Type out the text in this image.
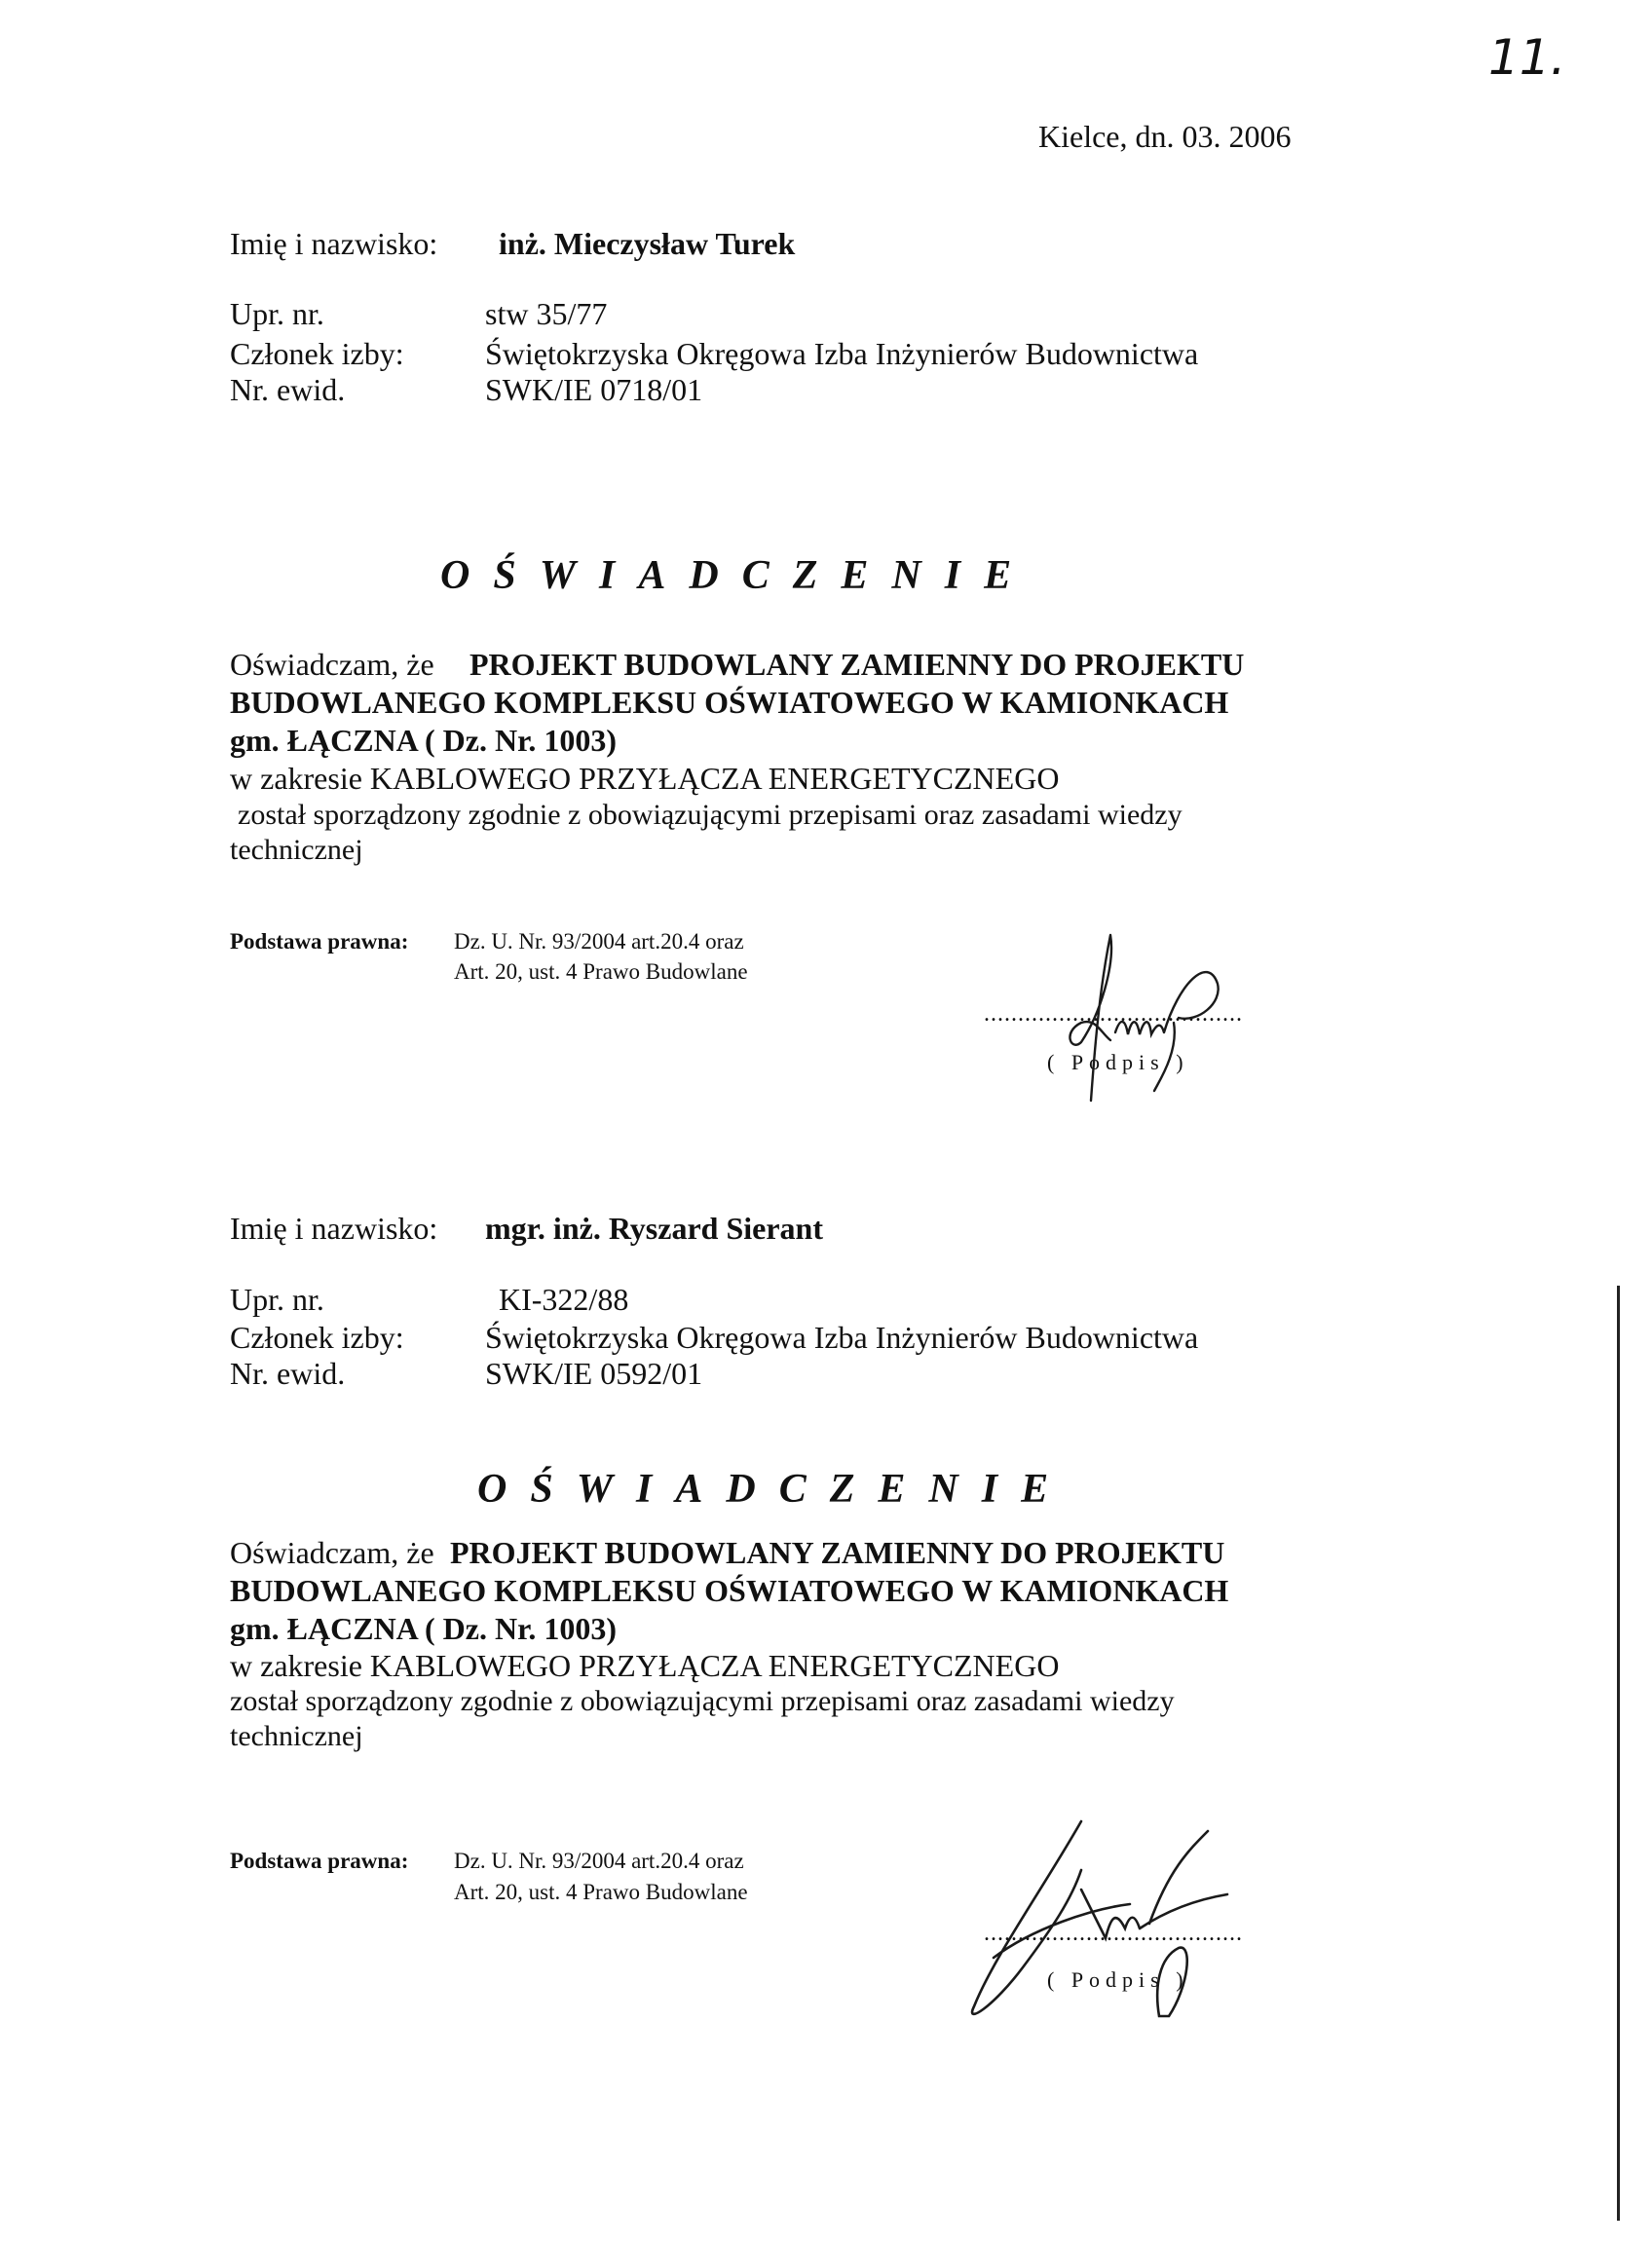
11.
Kielce, dn. 03. 2006
Imię i nazwisko: inż. Mieczysław Turek
Upr. nr.	stw 35/77
Członek izby:	Świętokrzyska Okręgowa Izba Inżynierów Budownictwa
Nr. ewid.	SWK/IE 0718/01
OŚWIADCZENIE
Oświadczam, że PROJEKT BUDOWLANY ZAMIENNY DO PROJEKTU
BUDOWLANEGO KOMPLEKSU OŚWIATOWEGO W KAMIONKACH
gm. ŁĄCZNA ( Dz. Nr. 1003)
w zakresie KABLOWEGO PRZYŁĄCZA ENERGETYCZNEGO
został sporządzony zgodnie z obowiązującymi przepisami oraz zasadami wiedzy
technicznej
Podstawa prawna: Dz. U. Nr. 93/2004 art.20.4 oraz
Art. 20, ust. 4 Prawo Budowlane
......................................
( Podpis )
Imię i nazwisko: mgr. inż. Ryszard Sierant
Upr. nr.	KI-322/88
Członek izby:	Świętokrzyska Okręgowa Izba Inżynierów Budownictwa
Nr. ewid.	SWK/IE 0592/01
OŚWIADCZENIE
Oświadczam, że PROJEKT BUDOWLANY ZAMIENNY DO PROJEKTU
BUDOWLANEGO KOMPLEKSU OŚWIATOWEGO W KAMIONKACH
gm. ŁĄCZNA ( Dz. Nr. 1003)
w zakresie KABLOWEGO PRZYŁĄCZA ENERGETYCZNEGO
został sporządzony zgodnie z obowiązującymi przepisami oraz zasadami wiedzy
technicznej
Podstawa prawna: Dz. U. Nr. 93/2004 art.20.4 oraz
Art. 20, ust. 4 Prawo Budowlane
......................................
( Podpis )
